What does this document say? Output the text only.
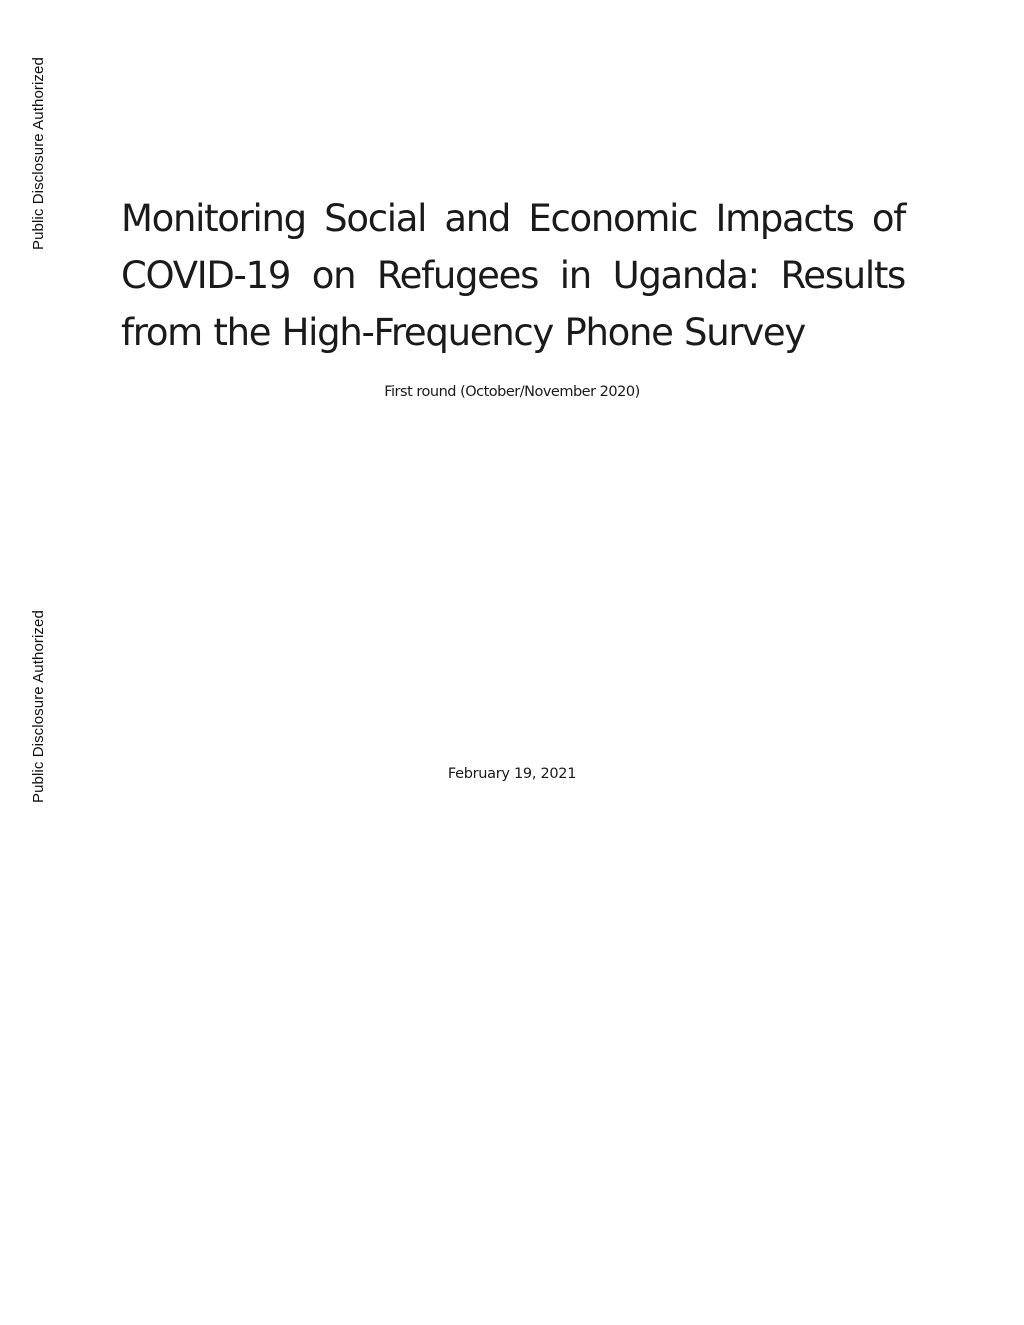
Public Disclosure Authorized
Public Disclosure Authorized
Monitoring Social and Economic Impacts of COVID-19 on Refugees in Uganda: Results from the High-Frequency Phone Survey
First round (October/November 2020)
February 19, 2021
